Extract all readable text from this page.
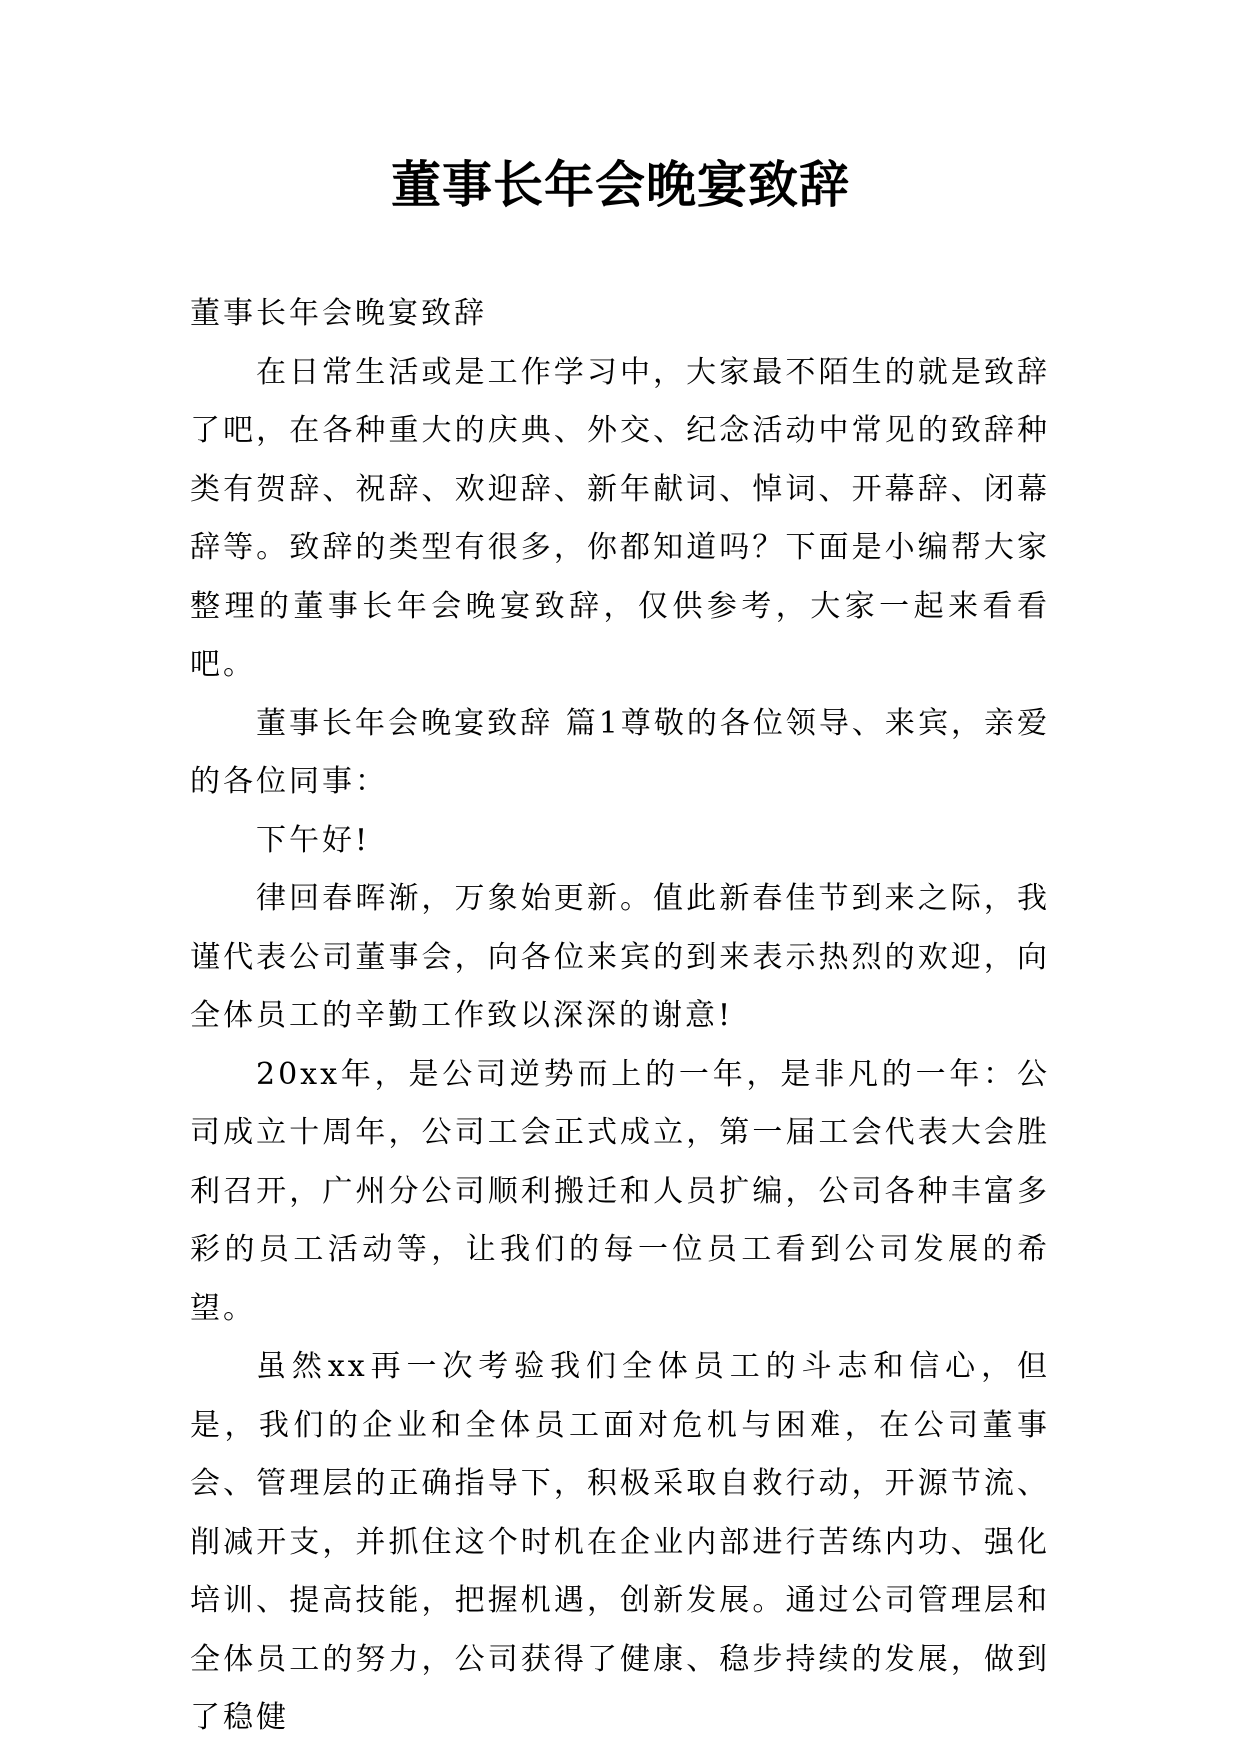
董事长年会晚宴致辞

董事长年会晚宴致辞

在日常生活或是工作学习中，大家最不陌生的就是致辞了吧，在各种重大的庆典、外交、纪念活动中常见的致辞种类有贺辞、祝辞、欢迎辞、新年献词、悼词、开幕辞、闭幕辞等。致辞的类型有很多，你都知道吗？下面是小编帮大家整理的董事长年会晚宴致辞，仅供参考，大家一起来看看吧。

董事长年会晚宴致辞 篇1尊敬的各位领导、来宾，亲爱的各位同事：

下午好!

律回春晖渐，万象始更新。值此新春佳节到来之际，我谨代表公司董事会，向各位来宾的到来表示热烈的欢迎，向全体员工的辛勤工作致以深深的谢意!

20xx年，是公司逆势而上的一年，是非凡的一年：公司成立十周年，公司工会正式成立，第一届工会代表大会胜利召开，广州分公司顺利搬迁和人员扩编，公司各种丰富多彩的员工活动等，让我们的每一位员工看到公司发展的希望。

虽然xx再一次考验我们全体员工的斗志和信心，但是，我们的企业和全体员工面对危机与困难，在公司董事会、管理层的正确指导下，积极采取自救行动，开源节流、削减开支，并抓住这个时机在企业内部进行苦练内功、强化培训、提高技能，把握机遇，创新发展。通过公司管理层和全体员工的努力，公司获得了健康、稳步持续的发展，做到了稳健
